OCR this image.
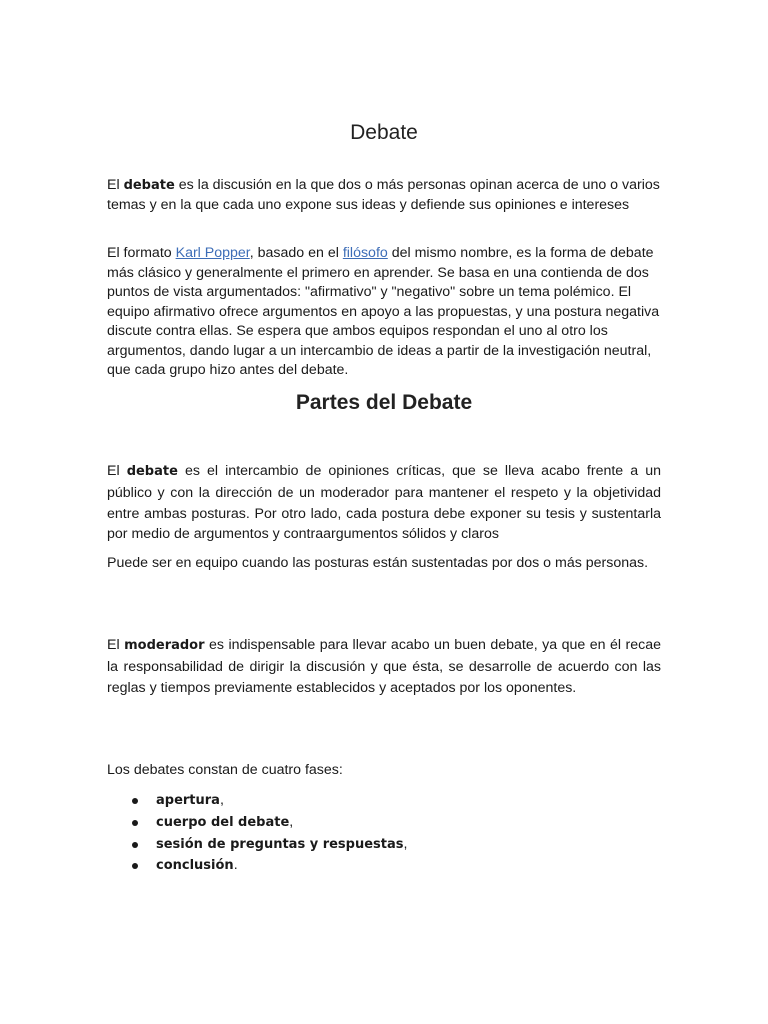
Debate

El debate es la discusión en la que dos o más personas opinan acerca de uno o varios temas y en la que cada uno expone sus ideas y defiende sus opiniones e intereses

El formato Karl Popper, basado en el filósofo del mismo nombre, es la forma de debate más clásico y generalmente el primero en aprender. Se basa en una contienda de dos puntos de vista argumentados: "afirmativo" y "negativo" sobre un tema polémico. El equipo afirmativo ofrece argumentos en apoyo a las propuestas, y una postura negativa discute contra ellas. Se espera que ambos equipos respondan el uno al otro los argumentos, dando lugar a un intercambio de ideas a partir de la investigación neutral, que cada grupo hizo antes del debate.

Partes del Debate

El debate es el intercambio de opiniones críticas, que se lleva acabo frente a un público y con la dirección de un moderador para mantener el respeto y la objetividad entre ambas posturas. Por otro lado, cada postura debe exponer su tesis y sustentarla por medio de argumentos y contraargumentos sólidos y claros

Puede ser en equipo cuando las posturas están sustentadas por dos o más personas.

El moderador es indispensable para llevar acabo un buen debate, ya que en él recae la responsabilidad de dirigir la discusión y que ésta, se desarrolle de acuerdo con las reglas y tiempos previamente establecidos y aceptados por los oponentes.

Los debates constan de cuatro fases:

apertura,
cuerpo del debate,
sesión de preguntas y respuestas,
conclusión.
